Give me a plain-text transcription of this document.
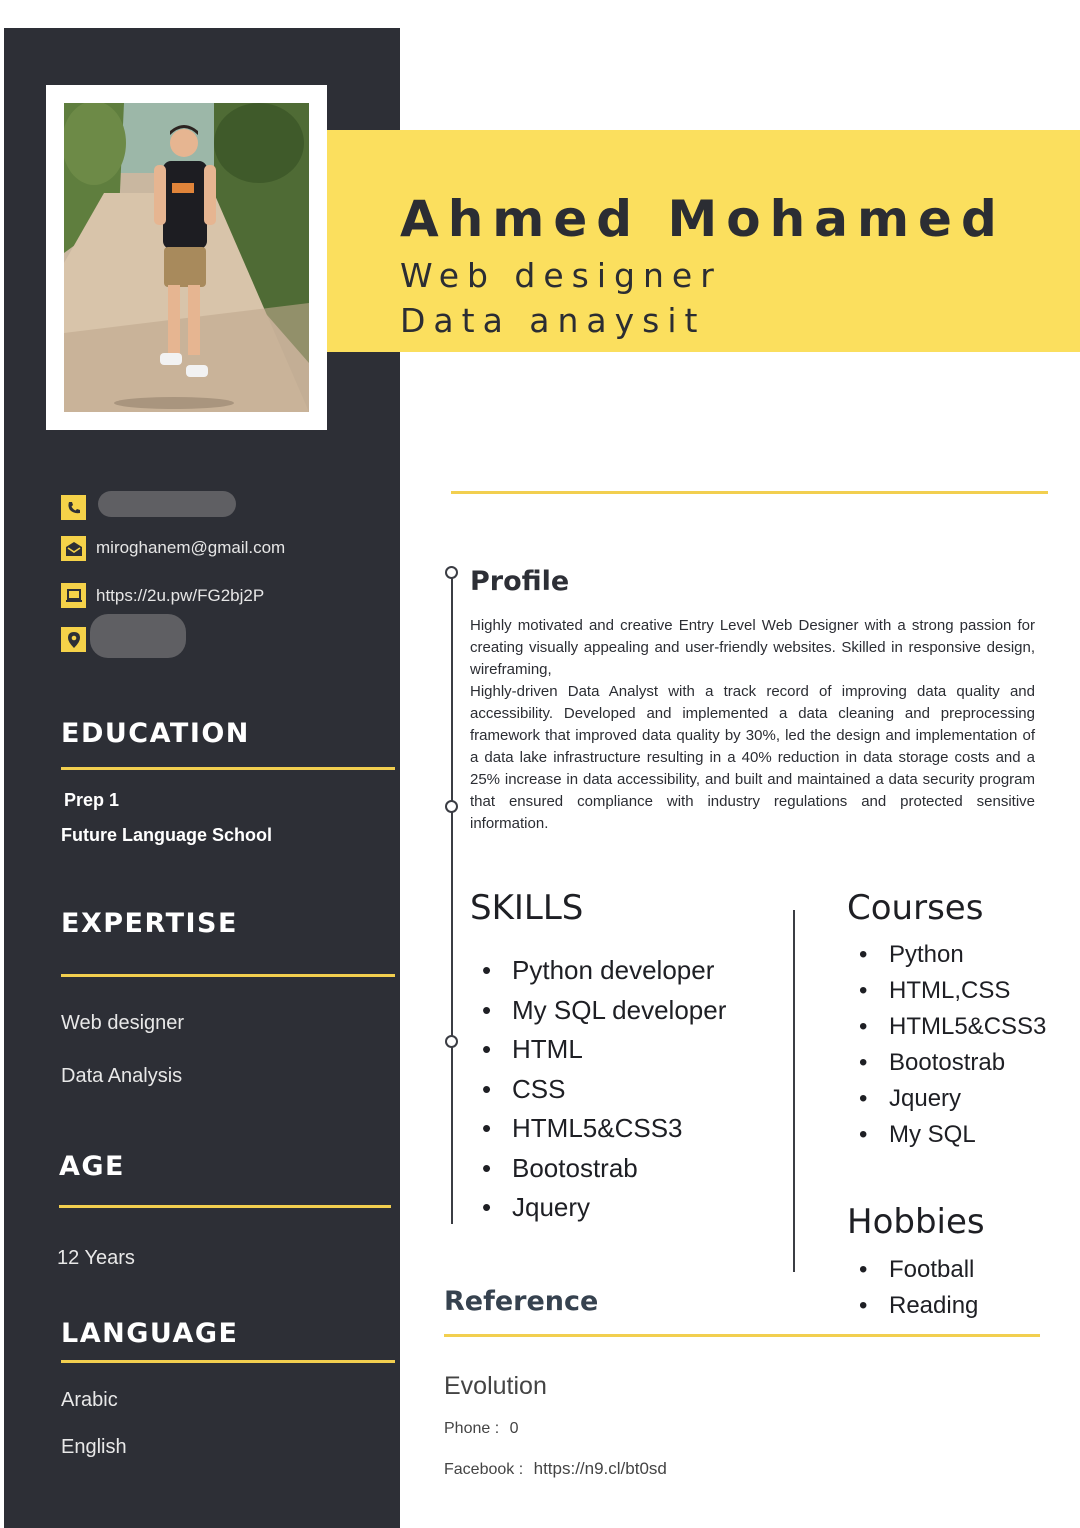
Ahmed Mohamed
Web designer
Data anaysit
miroghanem@gmail.com
https://2u.pw/FG2bj2P
EDUCATION
Prep 1
Future Language School
EXPERTISE
Web designer
Data Analysis
AGE
12 Years
LANGUAGE
Arabic
English
Profile

Highly motivated and creative Entry Level Web Designer with a strong passion for creating visually appealing and user-friendly websites. Skilled in responsive design, wireframing,

Highly-driven Data Analyst with a track record of improving data quality and accessibility. Developed and implemented a data cleaning and preprocessing framework that improved data quality by 30%, led the design and implementation of a data lake infrastructure resulting in a 40% reduction in data storage costs and a 25% increase in data accessibility, and built and maintained a data security program that ensured compliance with industry regulations and protected sensitive information.

SKILLS
• Python developer
• My SQL developer
• HTML
• CSS
• HTML5&CSS3
• Bootostrab
• Jquery
Courses
• Python
• HTML,CSS
• HTML5&CSS3
• Bootostrab
• Jquery
• My SQL
Hobbies
• Football
• Reading
Reference
Evolution
Phone : 0
Facebook : https://n9.cl/bt0sd
